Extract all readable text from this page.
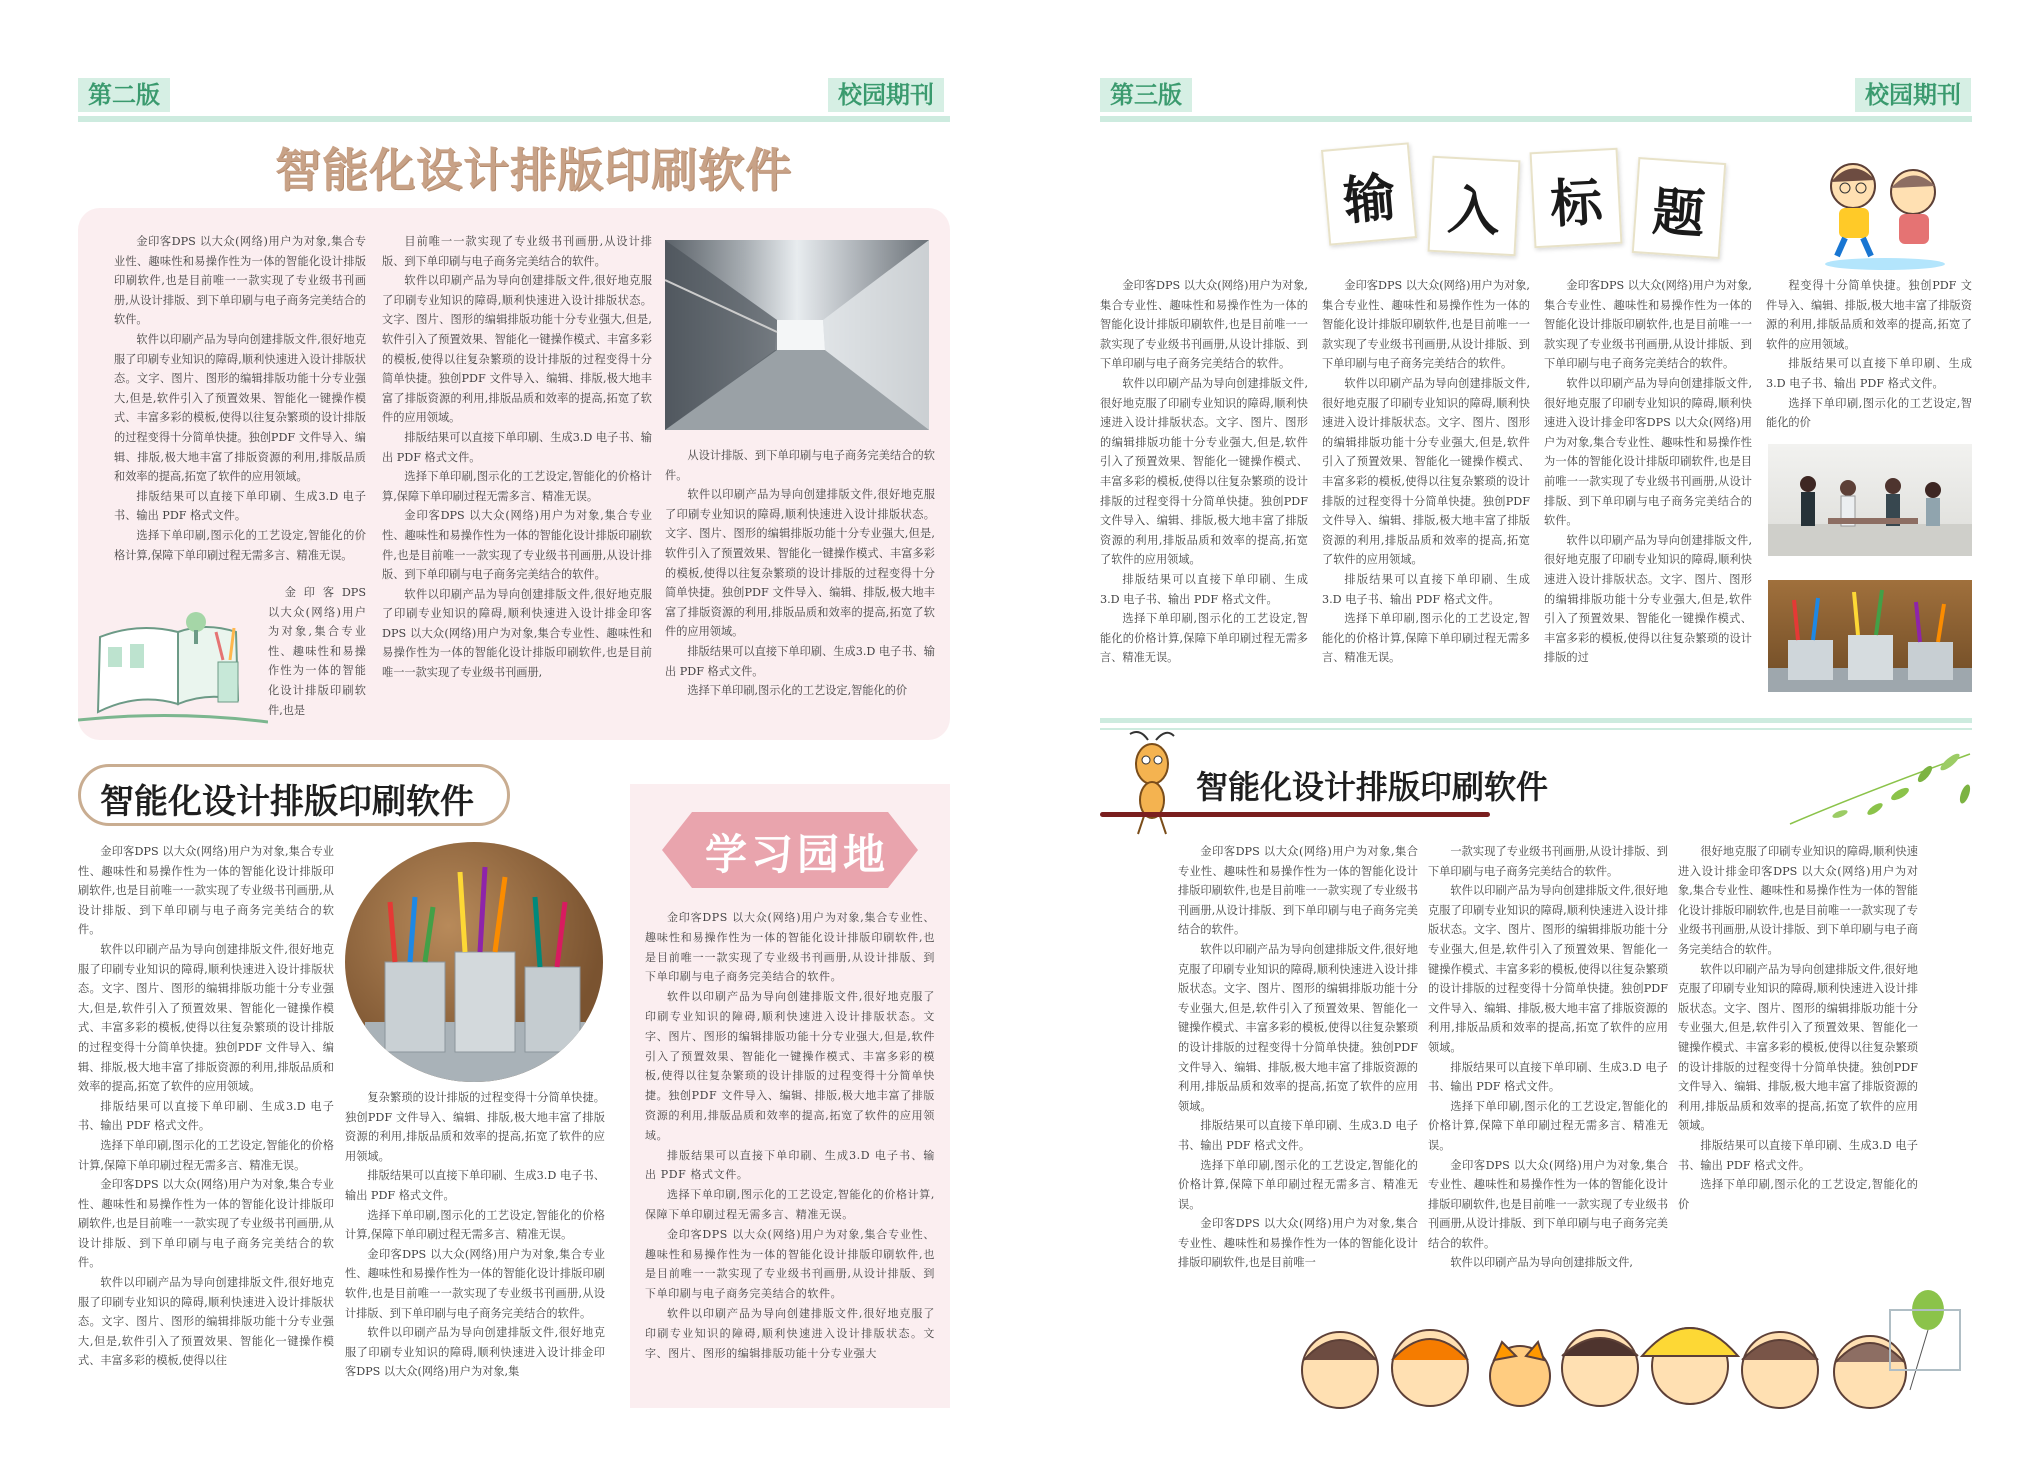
第二版	校园期刊
智能化设计排版印刷软件

金印客DPS 以大众(网络)用户为对象,集合专业性、趣味性和易操作性为一体的智能化设计排版印刷软件,也是目前唯一一款实现了专业级书刊画册,从设计排版、到下单印刷与电子商务完美结合的软件。

软件以印刷产品为导向创建排版文件,很好地克服了印刷专业知识的障碍,顺利快速进入设计排版状态。文字、图片、图形的编辑排版功能十分专业强大,但是,软件引入了预置效果、智能化一键操作模式、丰富多彩的模板,使得以往复杂繁琐的设计排版的过程变得十分简单快捷。独创PDF 文件导入、编辑、排版,极大地丰富了排版资源的利用,排版品质和效率的提高,拓宽了软件的应用领域。

排版结果可以直接下单印刷、生成3.D 电子书、输出 PDF 格式文件。

选择下单印刷,图示化的工艺设定,智能化的价格计算,保障下单印刷过程无需多言、精准无误。

金 印 客 DPS 以大众(网络)用户为对象,集合专业性、趣味性和易操作性为一体的智能化设计排版印刷软件,也是

目前唯一一款实现了专业级书刊画册,从设计排版、到下单印刷与电子商务完美结合的软件。

软件以印刷产品为导向创建排版文件,很好地克服了印刷专业知识的障碍,顺利快速进入设计排版状态。文字、图片、图形的编辑排版功能十分专业强大,但是,软件引入了预置效果、智能化一键操作模式、丰富多彩的模板,使得以往复杂繁琐的设计排版的过程变得十分简单快捷。独创PDF 文件导入、编辑、排版,极大地丰富了排版资源的利用,排版品质和效率的提高,拓宽了软件的应用领域。

排版结果可以直接下单印刷、生成3.D 电子书、输出 PDF 格式文件。

选择下单印刷,图示化的工艺设定,智能化的价格计算,保障下单印刷过程无需多言、精准无误。

金印客DPS 以大众(网络)用户为对象,集合专业性、趣味性和易操作性为一体的智能化设计排版印刷软件,也是目前唯一一款实现了专业级书刊画册,从设计排版、到下单印刷与电子商务完美结合的软件。

软件以印刷产品为导向创建排版文件,很好地克服了印刷专业知识的障碍,顺利快速进入设计排金印客DPS 以大众(网络)用户为对象,集合专业性、趣味性和易操作性为一体的智能化设计排版印刷软件,也是目前唯一一款实现了专业级书刊画册,

从设计排版、到下单印刷与电子商务完美结合的软件。

软件以印刷产品为导向创建排版文件,很好地克服了印刷专业知识的障碍,顺利快速进入设计排版状态。文字、图片、图形的编辑排版功能十分专业强大,但是,软件引入了预置效果、智能化一键操作模式、丰富多彩的模板,使得以往复杂繁琐的设计排版的过程变得十分简单快捷。独创PDF 文件导入、编辑、排版,极大地丰富了排版资源的利用,排版品质和效率的提高,拓宽了软件的应用领域。

排版结果可以直接下单印刷、生成3.D 电子书、输出 PDF 格式文件。

选择下单印刷,图示化的工艺设定,智能化的价

智能化设计排版印刷软件

金印客DPS 以大众(网络)用户为对象,集合专业性、趣味性和易操作性为一体的智能化设计排版印刷软件,也是目前唯一一款实现了专业级书刊画册,从设计排版、到下单印刷与电子商务完美结合的软件。

软件以印刷产品为导向创建排版文件,很好地克服了印刷专业知识的障碍,顺利快速进入设计排版状态。文字、图片、图形的编辑排版功能十分专业强大,但是,软件引入了预置效果、智能化一键操作模式、丰富多彩的模板,使得以往复杂繁琐的设计排版的过程变得十分简单快捷。独创PDF 文件导入、编辑、排版,极大地丰富了排版资源的利用,排版品质和效率的提高,拓宽了软件的应用领域。

排版结果可以直接下单印刷、生成3.D 电子书、输出 PDF 格式文件。

选择下单印刷,图示化的工艺设定,智能化的价格计算,保障下单印刷过程无需多言、精准无误。

金印客DPS 以大众(网络)用户为对象,集合专业性、趣味性和易操作性为一体的智能化设计排版印刷软件,也是目前唯一一款实现了专业级书刊画册,从设计排版、到下单印刷与电子商务完美结合的软件。

软件以印刷产品为导向创建排版文件,很好地克服了印刷专业知识的障碍,顺利快速进入设计排版状态。文字、图片、图形的编辑排版功能十分专业强大,但是,软件引入了预置效果、智能化一键操作模式、丰富多彩的模板,使得以往

复杂繁琐的设计排版的过程变得十分简单快捷。独创PDF 文件导入、编辑、排版,极大地丰富了排版资源的利用,排版品质和效率的提高,拓宽了软件的应用领域。

排版结果可以直接下单印刷、生成3.D 电子书、输出 PDF 格式文件。

选择下单印刷,图示化的工艺设定,智能化的价格计算,保障下单印刷过程无需多言、精准无误。

金印客DPS 以大众(网络)用户为对象,集合专业性、趣味性和易操作性为一体的智能化设计排版印刷软件,也是目前唯一一款实现了专业级书刊画册,从设计排版、到下单印刷与电子商务完美结合的软件。

软件以印刷产品为导向创建排版文件,很好地克服了印刷专业知识的障碍,顺利快速进入设计排金印客DPS 以大众(网络)用户为对象,集

学习园地

金印客DPS 以大众(网络)用户为对象,集合专业性、趣味性和易操作性为一体的智能化设计排版印刷软件,也是目前唯一一款实现了专业级书刊画册,从设计排版、到下单印刷与电子商务完美结合的软件。

软件以印刷产品为导向创建排版文件,很好地克服了印刷专业知识的障碍,顺利快速进入设计排版状态。文字、图片、图形的编辑排版功能十分专业强大,但是,软件引入了预置效果、智能化一键操作模式、丰富多彩的模板,使得以往复杂繁琐的设计排版的过程变得十分简单快捷。独创PDF 文件导入、编辑、排版,极大地丰富了排版资源的利用,排版品质和效率的提高,拓宽了软件的应用领域。

排版结果可以直接下单印刷、生成3.D 电子书、输出 PDF 格式文件。

选择下单印刷,图示化的工艺设定,智能化的价格计算,保障下单印刷过程无需多言、精准无误。

金印客DPS 以大众(网络)用户为对象,集合专业性、趣味性和易操作性为一体的智能化设计排版印刷软件,也是目前唯一一款实现了专业级书刊画册,从设计排版、到下单印刷与电子商务完美结合的软件。

软件以印刷产品为导向创建排版文件,很好地克服了印刷专业知识的障碍,顺利快速进入设计排版状态。文字、图片、图形的编辑排版功能十分专业强大

第三版	校园期刊
输 入 标 题

金印客DPS 以大众(网络)用户为对象,集合专业性、趣味性和易操作性为一体的智能化设计排版印刷软件,也是目前唯一一款实现了专业级书刊画册,从设计排版、到下单印刷与电子商务完美结合的软件。

软件以印刷产品为导向创建排版文件,很好地克服了印刷专业知识的障碍,顺利快速进入设计排版状态。文字、图片、图形的编辑排版功能十分专业强大,但是,软件引入了预置效果、智能化一键操作模式、丰富多彩的模板,使得以往复杂繁琐的设计排版的过程变得十分简单快捷。独创PDF 文件导入、编辑、排版,极大地丰富了排版资源的利用,排版品质和效率的提高,拓宽了软件的应用领域。

排版结果可以直接下单印刷、生成3.D 电子书、输出 PDF 格式文件。

选择下单印刷,图示化的工艺设定,智能化的价格计算,保障下单印刷过程无需多言、精准无误。

金印客DPS 以大众(网络)用户为对象,集合专业性、趣味性和易操作性为一体的智能化设计排版印刷软件,也是目前唯一一款实现了专业级书刊画册,从设计排版、到下单印刷与电子商务完美结合的软件。

软件以印刷产品为导向创建排版文件,很好地克服了印刷专业知识的障碍,顺利快速进入设计排版状态。文字、图片、图形的编辑排版功能十分专业强大,但是,软件引入了预置效果、智能化一键操作模式、丰富多彩的模板,使得以往复杂繁琐的设计排版的过程变得十分简单快捷。独创PDF 文件导入、编辑、排版,极大地丰富了排版资源的利用,排版品质和效率的提高,拓宽了软件的应用领域。

排版结果可以直接下单印刷、生成3.D 电子书、输出 PDF 格式文件。

选择下单印刷,图示化的工艺设定,智能化的价格计算,保障下单印刷过程无需多言、精准无误。

金印客DPS 以大众(网络)用户为对象,集合专业性、趣味性和易操作性为一体的智能化设计排版印刷软件,也是目前唯一一款实现了专业级书刊画册,从设计排版、到下单印刷与电子商务完美结合的软件。

软件以印刷产品为导向创建排版文件,很好地克服了印刷专业知识的障碍,顺利快速进入设计排金印客DPS 以大众(网络)用户为对象,集合专业性、趣味性和易操作性为一体的智能化设计排版印刷软件,也是目前唯一一款实现了专业级书刊画册,从设计排版、到下单印刷与电子商务完美结合的软件。

软件以印刷产品为导向创建排版文件,很好地克服了印刷专业知识的障碍,顺利快速进入设计排版状态。文字、图片、图形的编辑排版功能十分专业强大,但是,软件引入了预置效果、智能化一键操作模式、丰富多彩的模板,使得以往复杂繁琐的设计排版的过

程变得十分简单快捷。独创PDF 文件导入、编辑、排版,极大地丰富了排版资源的利用,排版品质和效率的提高,拓宽了软件的应用领域。

排版结果可以直接下单印刷、生成3.D 电子书、输出 PDF 格式文件。

选择下单印刷,图示化的工艺设定,智能化的价

智能化设计排版印刷软件

金印客DPS 以大众(网络)用户为对象,集合专业性、趣味性和易操作性为一体的智能化设计排版印刷软件,也是目前唯一一款实现了专业级书刊画册,从设计排版、到下单印刷与电子商务完美结合的软件。

软件以印刷产品为导向创建排版文件,很好地克服了印刷专业知识的障碍,顺利快速进入设计排版状态。文字、图片、图形的编辑排版功能十分专业强大,但是,软件引入了预置效果、智能化一键操作模式、丰富多彩的模板,使得以往复杂繁琐的设计排版的过程变得十分简单快捷。独创PDF 文件导入、编辑、排版,极大地丰富了排版资源的利用,排版品质和效率的提高,拓宽了软件的应用领域。

排版结果可以直接下单印刷、生成3.D 电子书、输出 PDF 格式文件。

选择下单印刷,图示化的工艺设定,智能化的价格计算,保障下单印刷过程无需多言、精准无误。

金印客DPS 以大众(网络)用户为对象,集合专业性、趣味性和易操作性为一体的智能化设计排版印刷软件,也是目前唯一

一款实现了专业级书刊画册,从设计排版、到下单印刷与电子商务完美结合的软件。

软件以印刷产品为导向创建排版文件,很好地克服了印刷专业知识的障碍,顺利快速进入设计排版状态。文字、图片、图形的编辑排版功能十分专业强大,但是,软件引入了预置效果、智能化一键操作模式、丰富多彩的模板,使得以往复杂繁琐的设计排版的过程变得十分简单快捷。独创PDF 文件导入、编辑、排版,极大地丰富了排版资源的利用,排版品质和效率的提高,拓宽了软件的应用领域。

排版结果可以直接下单印刷、生成3.D 电子书、输出 PDF 格式文件。

选择下单印刷,图示化的工艺设定,智能化的价格计算,保障下单印刷过程无需多言、精准无误。

金印客DPS 以大众(网络)用户为对象,集合专业性、趣味性和易操作性为一体的智能化设计排版印刷软件,也是目前唯一一款实现了专业级书刊画册,从设计排版、到下单印刷与电子商务完美结合的软件。

软件以印刷产品为导向创建排版文件,

很好地克服了印刷专业知识的障碍,顺利快速进入设计排金印客DPS 以大众(网络)用户为对象,集合专业性、趣味性和易操作性为一体的智能化设计排版印刷软件,也是目前唯一一款实现了专业级书刊画册,从设计排版、到下单印刷与电子商务完美结合的软件。

软件以印刷产品为导向创建排版文件,很好地克服了印刷专业知识的障碍,顺利快速进入设计排版状态。文字、图片、图形的编辑排版功能十分专业强大,但是,软件引入了预置效果、智能化一键操作模式、丰富多彩的模板,使得以往复杂繁琐的设计排版的过程变得十分简单快捷。独创PDF 文件导入、编辑、排版,极大地丰富了排版资源的利用,排版品质和效率的提高,拓宽了软件的应用领域。

排版结果可以直接下单印刷、生成3.D 电子书、输出 PDF 格式文件。

选择下单印刷,图示化的工艺设定,智能化的价
